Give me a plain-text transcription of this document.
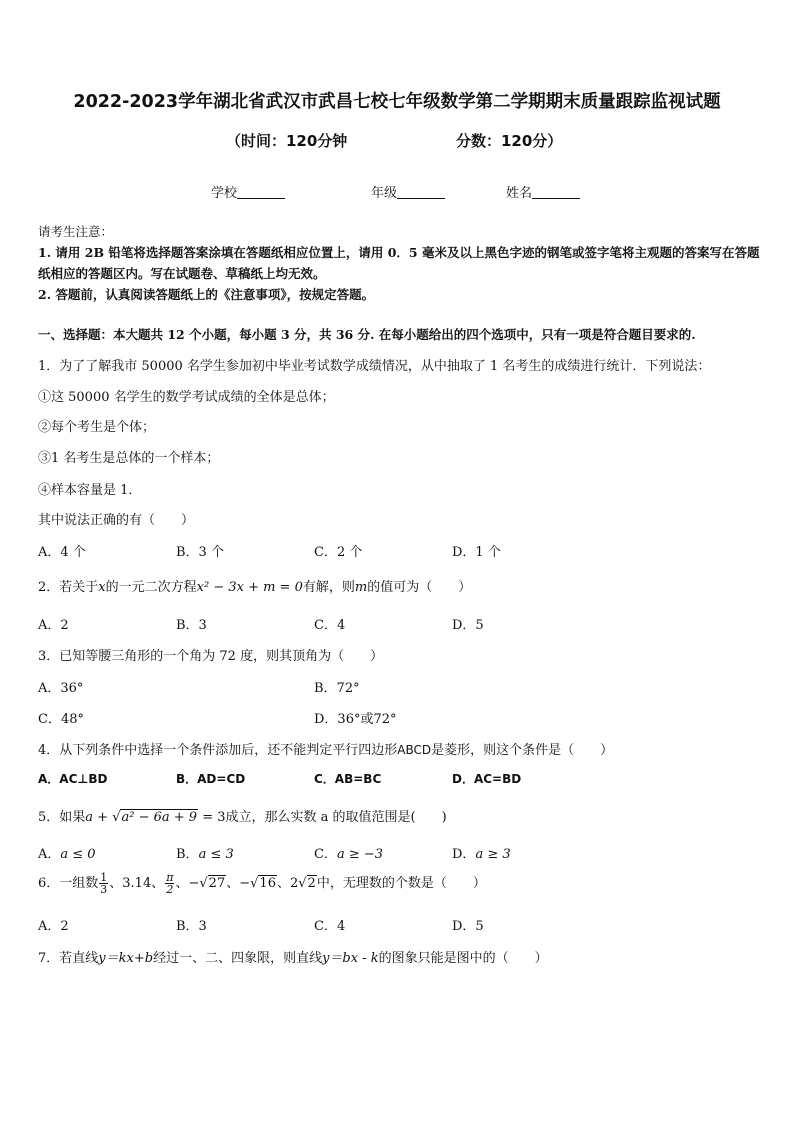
2022-2023学年湖北省武汉市武昌七校七年级数学第二学期期末质量跟踪监视试题
（时间：120分钟	分数：120分）
学校	年级	姓名
请考生注意：
1. 请用 2B 铅笔将选择题答案涂填在答题纸相应位置上，请用 0．5 毫米及以上黑色字迹的钢笔或签字笔将主观题的答案写在答题纸相应的答题区内。写在试题卷、草稿纸上均无效。
2. 答题前，认真阅读答题纸上的《注意事项》，按规定答题。
一、选择题：本大题共 12 个小题，每小题 3 分，共 36 分. 在每小题给出的四个选项中，只有一项是符合题目要求的.
1．为了了解我市 50000 名学生参加初中毕业考试数学成绩情况，从中抽取了 1 名考生的成绩进行统计．下列说法：
①这 50000 名学生的数学考试成绩的全体是总体；
②每个考生是个体；
③1 名考生是总体的一个样本；
④样本容量是 1．
其中说法正确的有（　　）
A．4 个	B．3 个	C．2 个	D．1 个
2．若关于x的一元二次方程x² − 3x + m = 0有解，则m的值可为（　　）
A．2	B．3	C．4	D．5
3．已知等腰三角形的一个角为 72 度，则其顶角为（　　）
A．36°	B．72°
C．48°	D．36°或72°
4．从下列条件中选择一个条件添加后，还不能判定平行四边形ABCD是菱形，则这个条件是（　　）
A．AC⊥BD	B．AD=CD	C．AB=BC	D．AC=BD
5．如果a + √a² − 6a + 9 = 3成立，那么实数 a 的取值范围是(　　)
A．a ≤ 0	B．a ≤ 3	C．a ≥ −3	D．a ≥ 3
6．一组数 $\frac{1}{3}$ 、3.14、 $\frac{\pi}{2}$ 、−√27、−√16、2√2中，无理数的个数是（　　）
A．2	B．3	C．4	D．5
7．若直线y＝kx+b经过一、二、四象限，则直线y＝bx - k的图象只能是图中的（　　）
